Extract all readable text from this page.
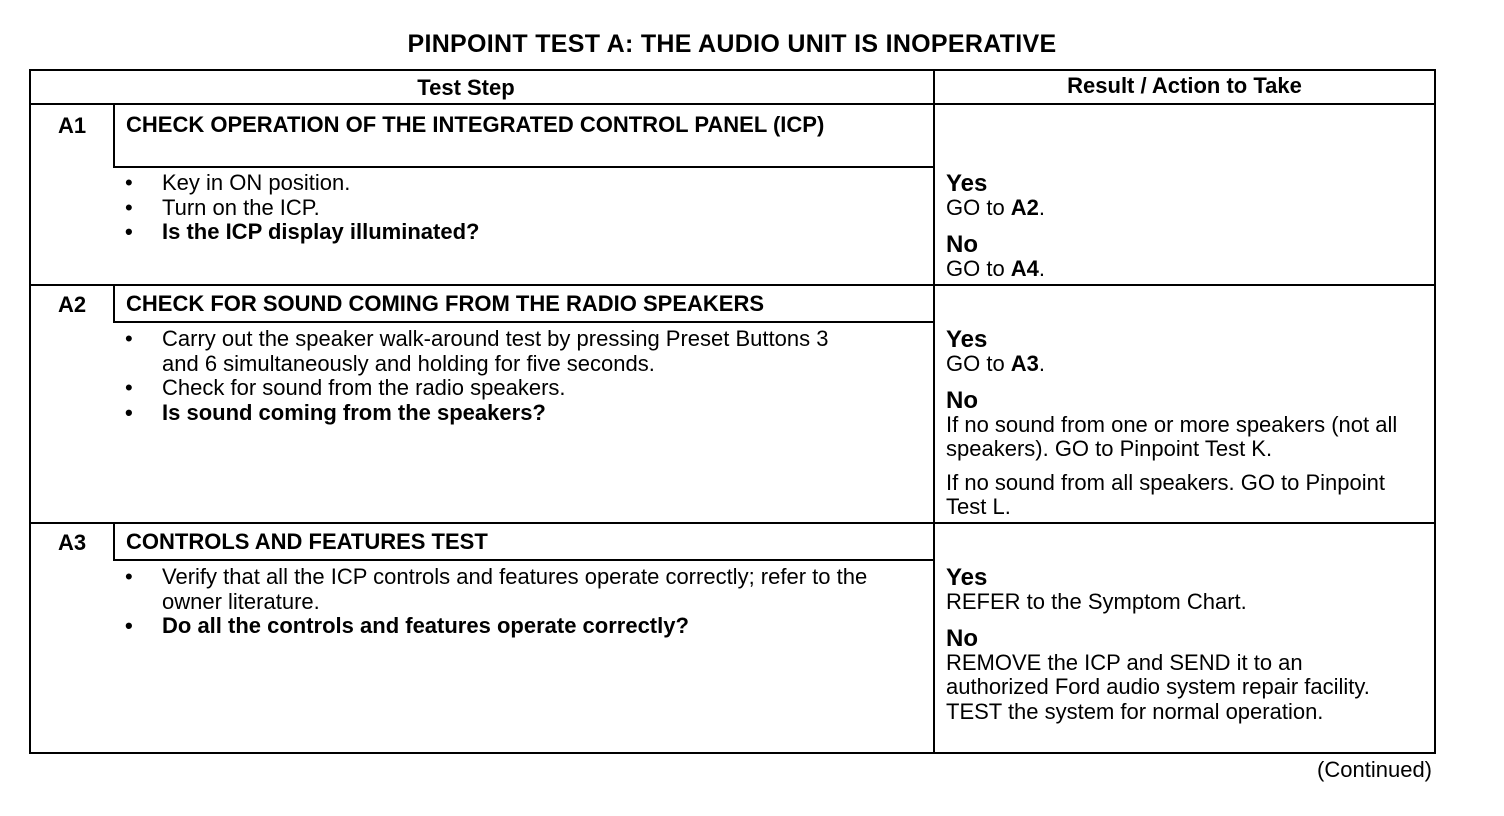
PINPOINT TEST A: THE AUDIO UNIT IS INOPERATIVE
Test Step	Result / Action to Take
A1	CHECK OPERATION OF THE INTEGRATED CONTROL PANEL (ICP)
• Key in ON position.
• Turn on the ICP.
• Is the ICP display illuminated?
Yes
GO to A2.
No
GO to A4.
A2	CHECK FOR SOUND COMING FROM THE RADIO SPEAKERS
• Carry out the speaker walk-around test by pressing Preset Buttons 3 and 6 simultaneously and holding for five seconds.
• Check for sound from the radio speakers.
• Is sound coming from the speakers?
Yes
GO to A3.
No
If no sound from one or more speakers (not all speakers). GO to Pinpoint Test K.
If no sound from all speakers. GO to Pinpoint Test L.
A3	CONTROLS AND FEATURES TEST
• Verify that all the ICP controls and features operate correctly; refer to the owner literature.
• Do all the controls and features operate correctly?
Yes
REFER to the Symptom Chart.
No
REMOVE the ICP and SEND it to an authorized Ford audio system repair facility. TEST the system for normal operation.
(Continued)
